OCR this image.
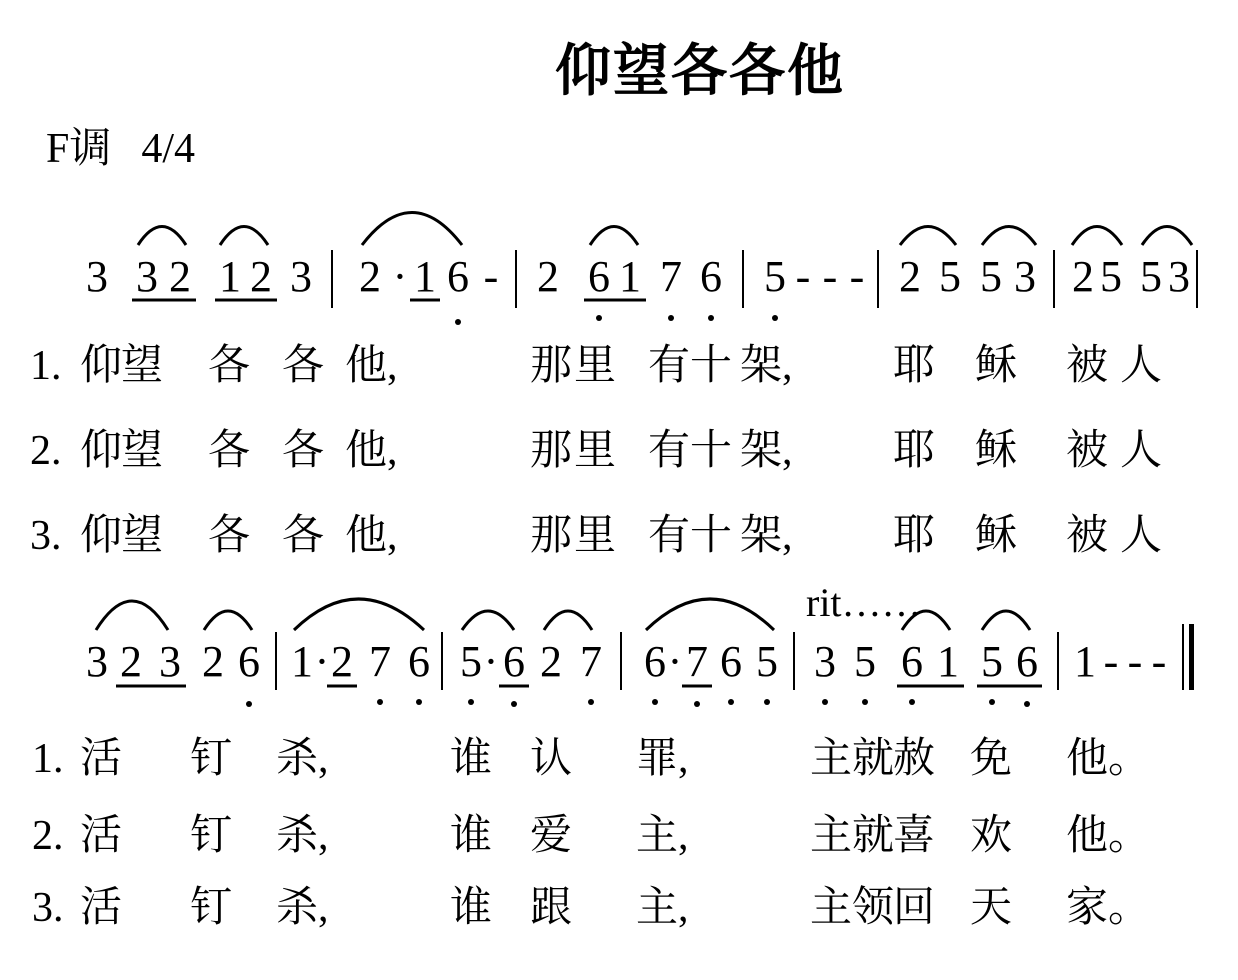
仰望各各他
F调 4/4
3 3 2 1 2 3 2 · 1 6 - 2 6 1 7 6 5 - - - 2 5 5 3 2 5 5 3
1. 仰
望 各 各 他,	那 里 有 十 架, 耶 稣 被 人
2. 仰
望 各 各 他,	那 里 有 十 架, 耶 稣 被 人
3. 仰
望 各 各 他,	那 里 有 十 架, 耶 稣 被 人
rit……
3 2 3 2 6 1 · 2 7 6 5 · 6 2 7 6 · 7 6 5 3 5 6 1 5 6 1 - - -
1. 活 钉 杀,	谁 认 罪,	主 就
赦 免 他。
2. 活 钉 杀,	谁 爱 主,	主 就
喜 欢 他。
3. 活 钉 杀,	谁 跟 主,	主 领
回 天 家。
